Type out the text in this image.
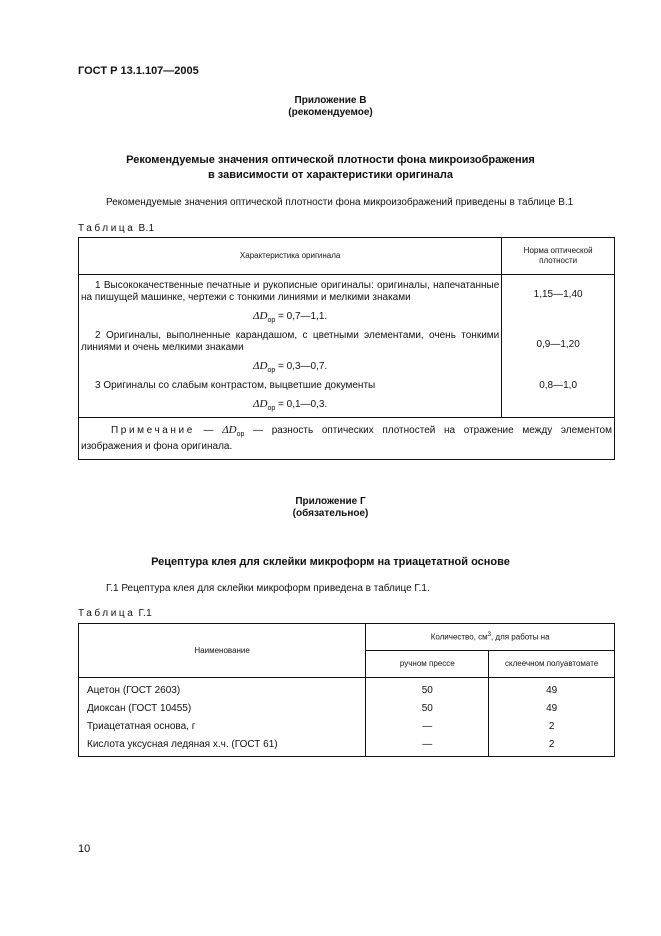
ГОСТ Р 13.1.107—2005
Приложение В
(рекомендуемое)
Рекомендуемые значения оптической плотности фона микроизображения
в зависимости от характеристики оригинала
Рекомендуемые значения оптической плотности фона микроизображений приведены в таблице В.1
Таблица В.1
Характеристика оригинала	Норма оптической плотности

1 Высококачественные печатные и рукописные оригиналы: оригиналы, напечатанные на пишущей машинке, чертежи с тонкими линиями и мелкими знаками
$\Delta D_{ор}$ = 0,7—1,1.	1,15—1,40

2 Оригиналы, выполненные карандашом, с цветными элементами, очень тонкими линиями и очень мелкими знаками
$\Delta D_{ор}$ = 0,3—0,7.	0,9—1,20

3 Оригиналы со слабым контрастом, выцветшие документы
$\Delta D_{ор}$ = 0,1—0,3.	0,8—1,0
Примечание — $\Delta D_{ор}$ — разность оптических плотностей на отражение между элементом изображения и фона оригинала.	
Приложение Г
(обязательное)
Рецептура клея для склейки микроформ на триацетатной основе
Г.1 Рецептура клея для склейки микроформ приведена в таблице Г.1.
Таблица Г.1
Наименование	Количество, $см^3$, для работы на	
	ручном прессе	склеечном полуавтомате
Ацетон (ГОСТ 2603)	50	49
Диоксан (ГОСТ 10455)	50	49
Триацетатная основа, г	—	2
Кислота уксусная ледяная х.ч. (ГОСТ 61)	—	2
10
